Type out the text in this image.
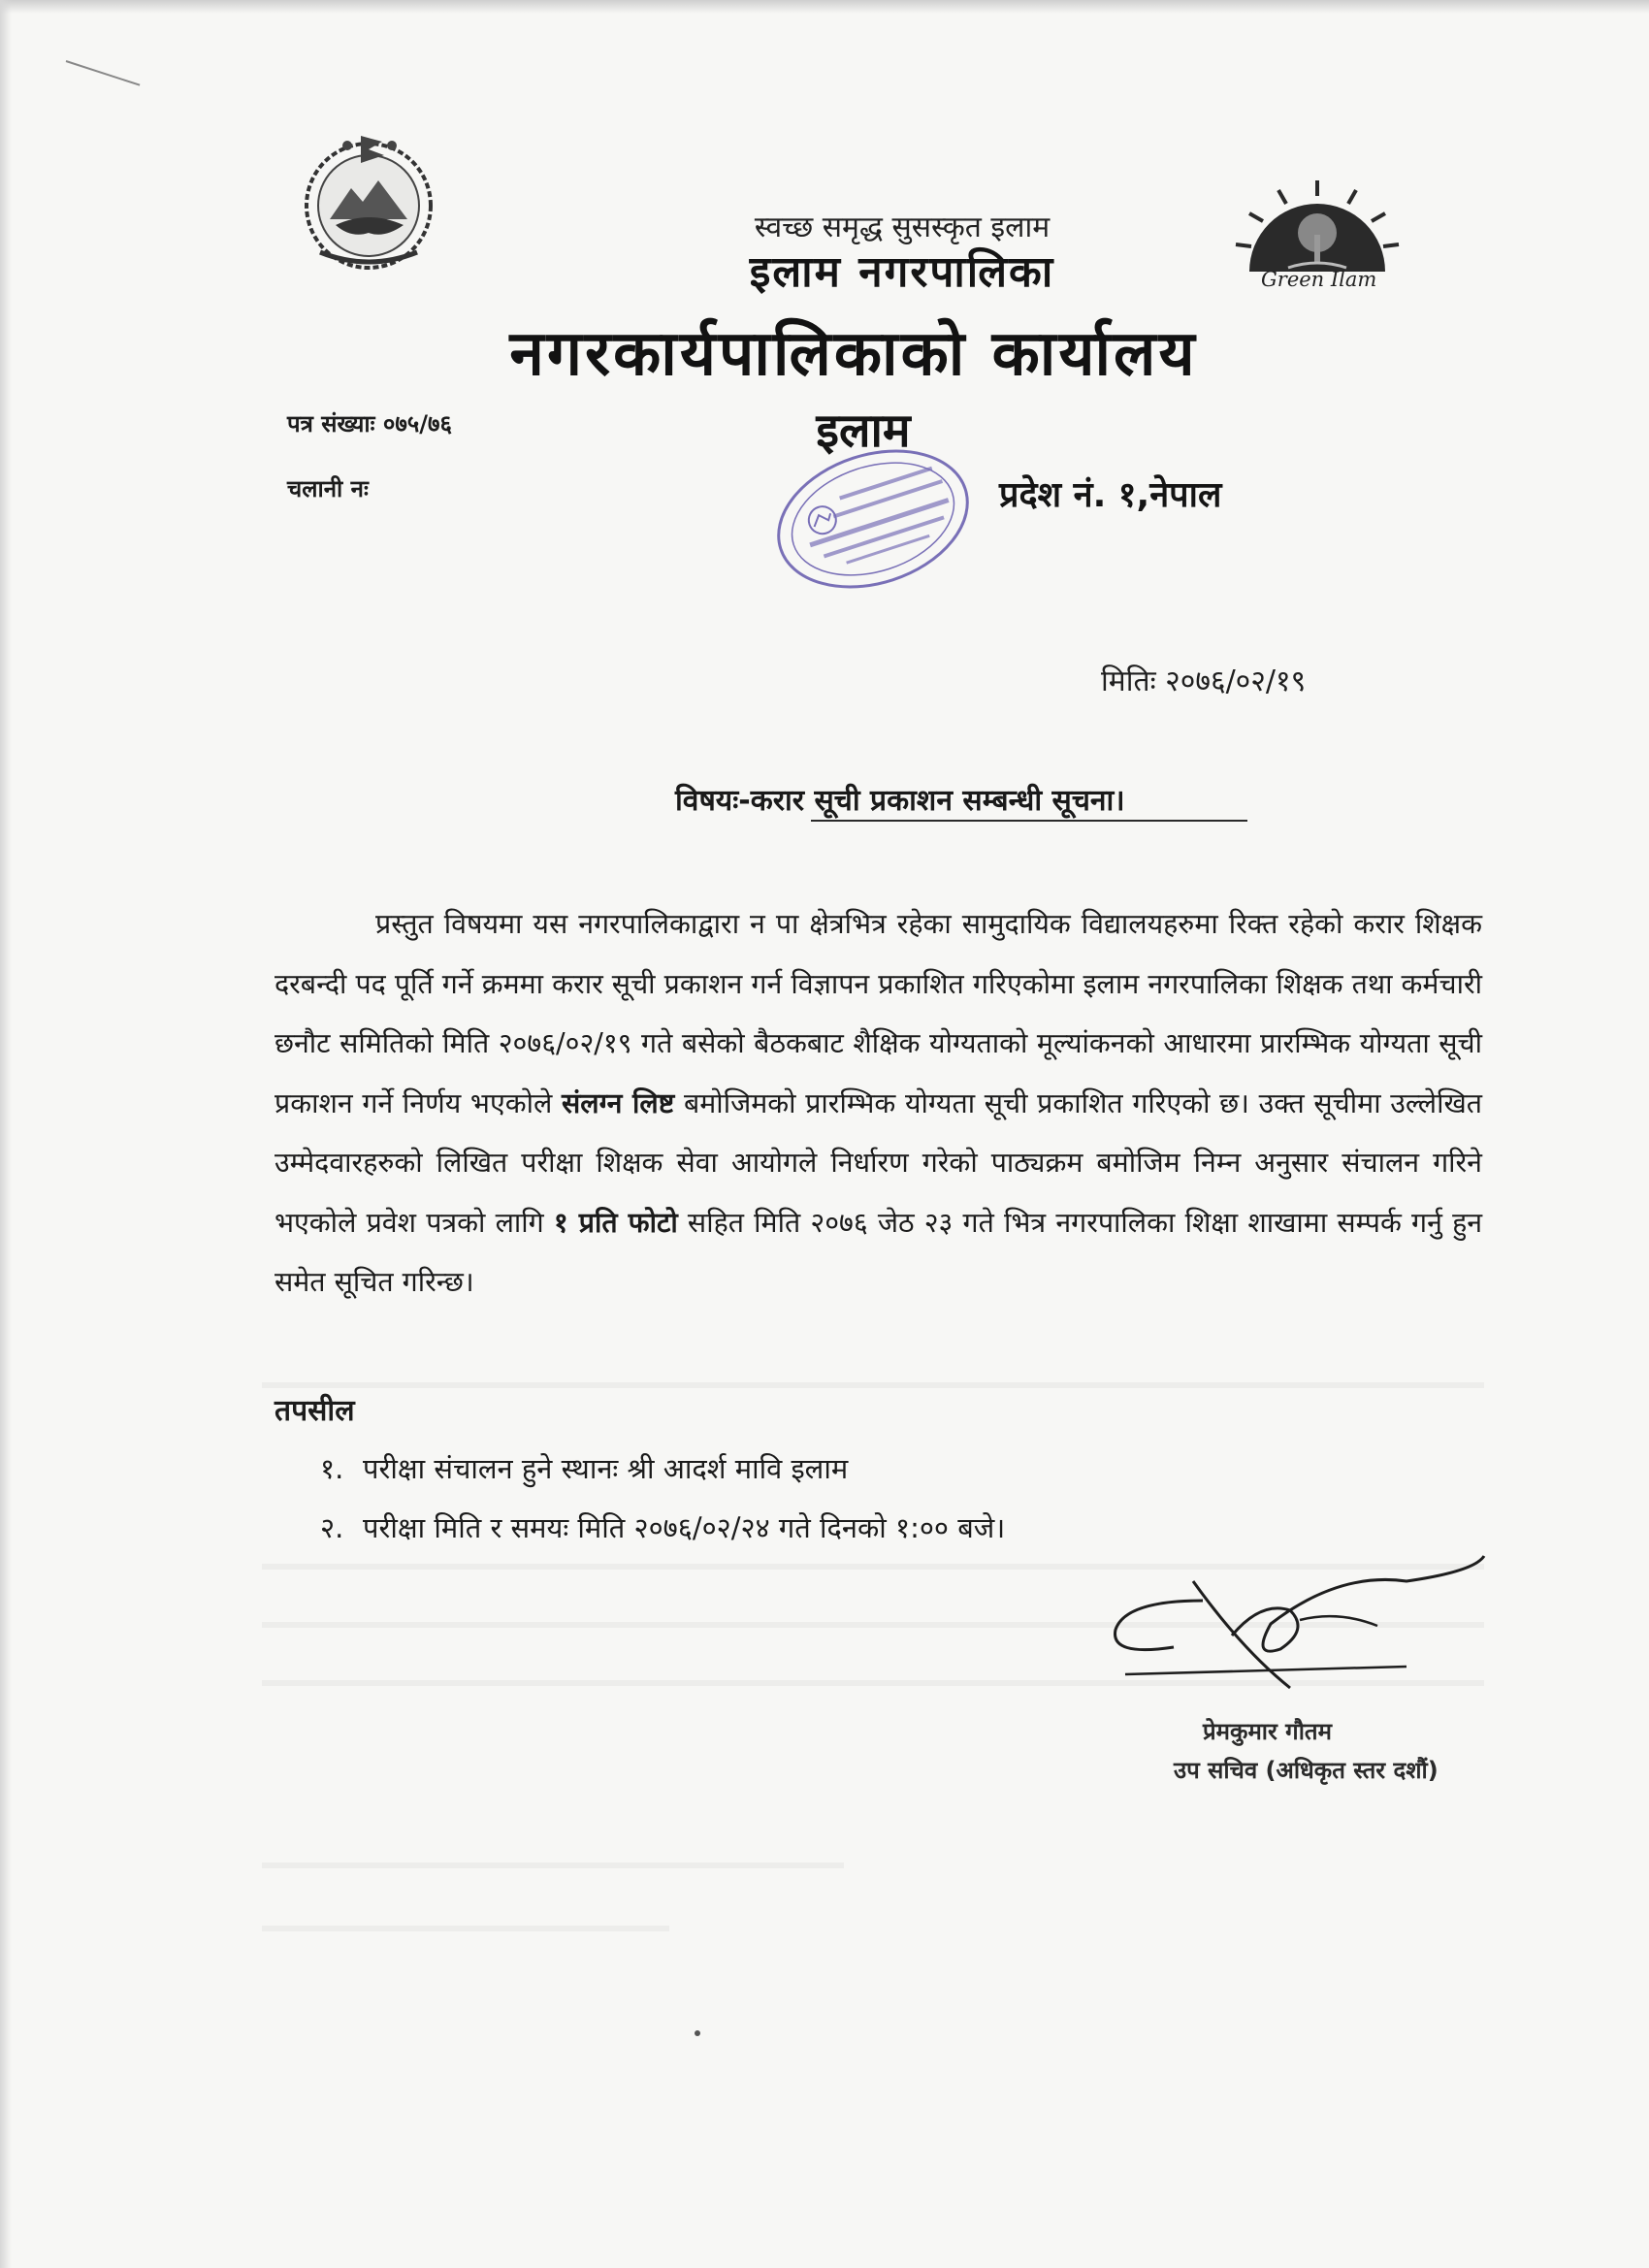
Green Ilam
स्वच्छ समृद्ध सुसस्कृत इलाम
इलाम नगरपालिका
नगरकार्यपालिकाको कार्यालय
इलाम
प्रदेश नं. १,नेपाल
पत्र संख्याः ०७५/७६
चलानी नः
मितिः २०७६/०२/१९
विषयः-करार सूची प्रकाशन सम्बन्धी सूचना।
प्रस्तुत विषयमा यस नगरपालिकाद्वारा न पा क्षेत्रभित्र रहेका सामुदायिक विद्यालयहरुमा रिक्त रहेको करार शिक्षक दरबन्दी पद पूर्ति गर्ने क्रममा करार सूची प्रकाशन गर्न विज्ञापन प्रकाशित गरिएकोमा इलाम नगरपालिका शिक्षक तथा कर्मचारी छनौट समितिको मिति २०७६/०२/१९ गते बसेको बैठकबाट शैक्षिक योग्यताको मूल्यांकनको आधारमा प्रारम्भिक योग्यता सूची प्रकाशन गर्ने निर्णय भएकोले संलग्न लिष्ट बमोजिमको प्रारम्भिक योग्यता सूची प्रकाशित गरिएको छ। उक्त सूचीमा उल्लेखित उम्मेदवारहरुको लिखित परीक्षा शिक्षक सेवा आयोगले निर्धारण गरेको पाठ्यक्रम बमोजिम निम्न अनुसार संचालन गरिने भएकोले प्रवेश पत्रको लागि १ प्रति फोटो सहित मिति २०७६ जेठ २३ गते भित्र नगरपालिका शिक्षा शाखामा सम्पर्क गर्नु हुन समेत सूचित गरिन्छ।
तपसील
१. परीक्षा संचालन हुने स्थानः श्री आदर्श मावि इलाम
२. परीक्षा मिति र समयः मिति २०७६/०२/२४ गते दिनको १:०० बजे।
प्रेमकुमार गौतम
उप सचिव (अधिकृत स्तर दशौं)
